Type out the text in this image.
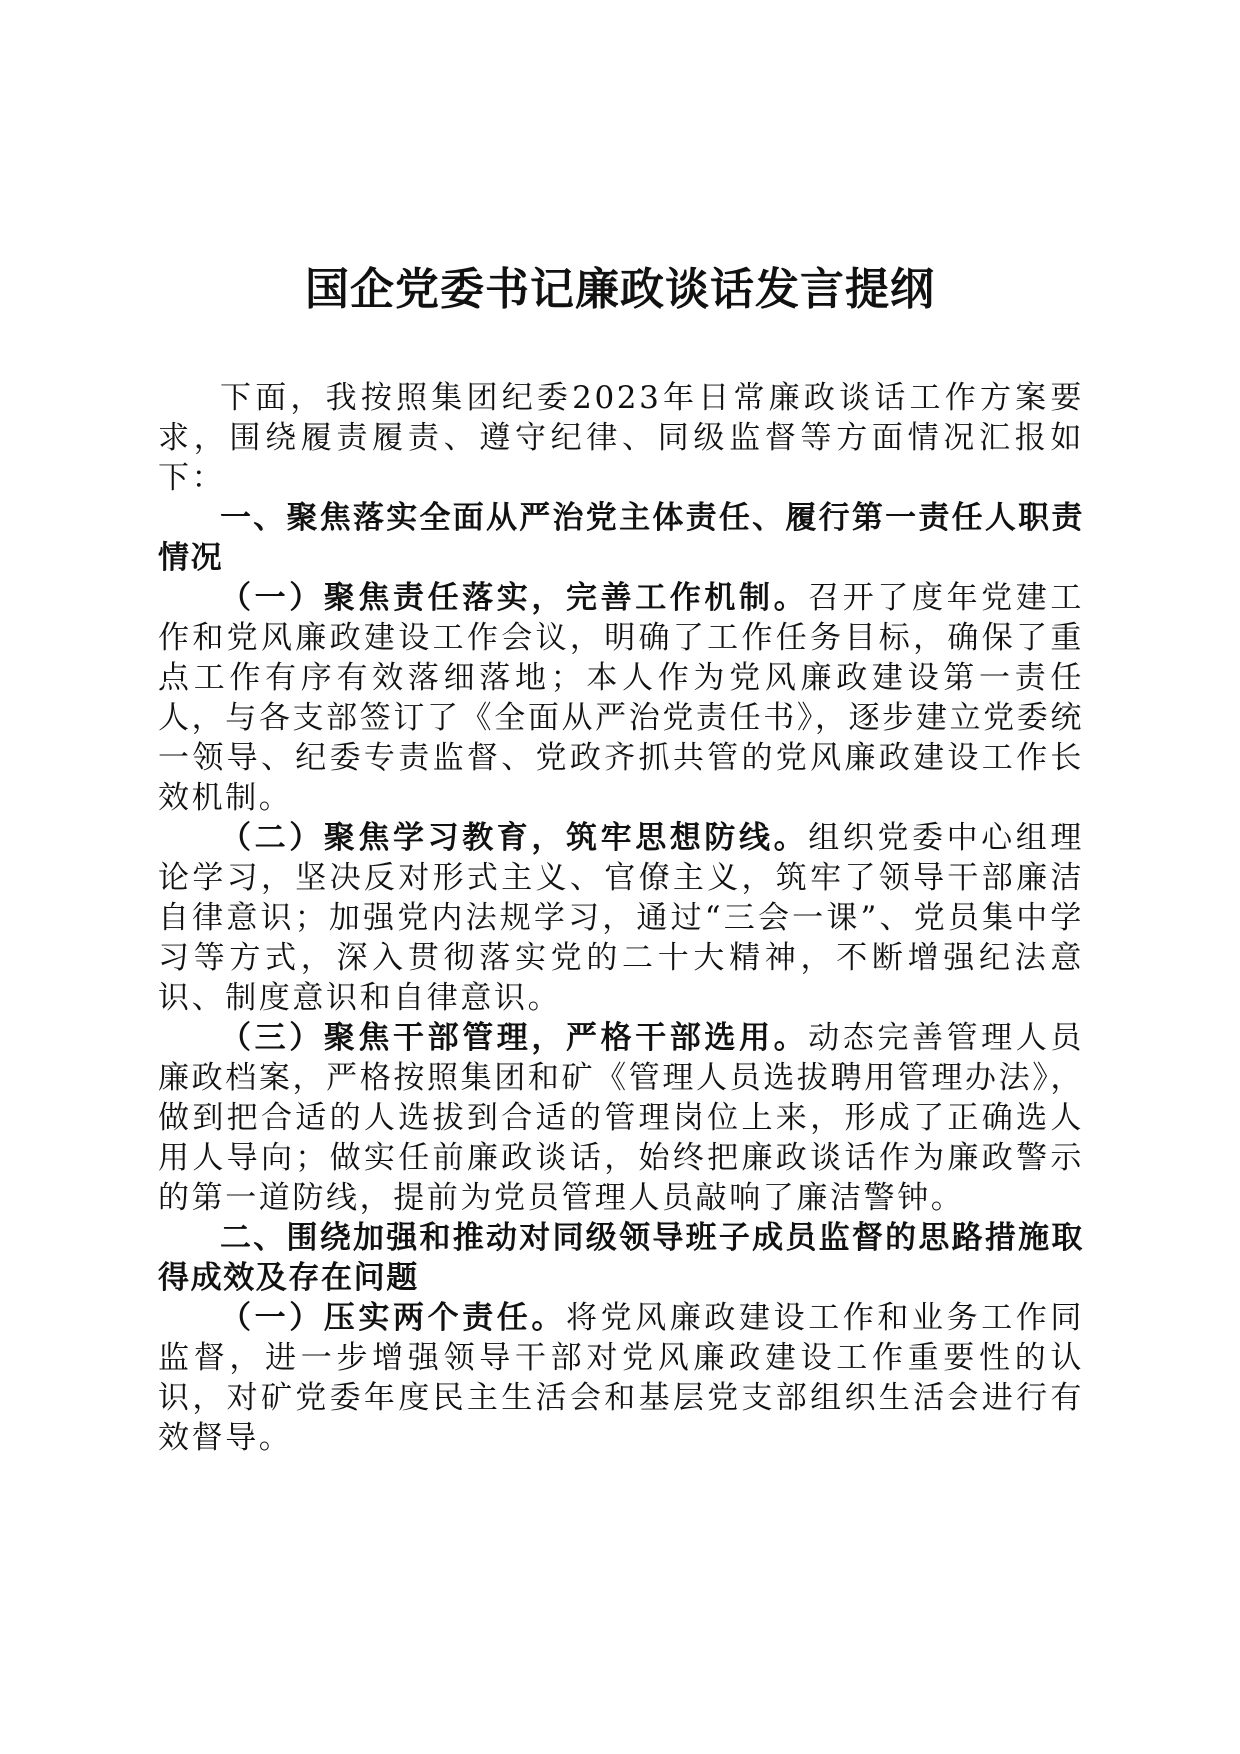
国企党委书记廉政谈话发言提纲

下面，我按照集团纪委2023年日常廉政谈话工作方案要求，围绕履责履责、遵守纪律、同级监督等方面情况汇报如下：

一、聚焦落实全面从严治党主体责任、履行第一责任人职责情况

（一）聚焦责任落实，完善工作机制。召开了度年党建工作和党风廉政建设工作会议，明确了工作任务目标，确保了重点工作有序有效落细落地；本人作为党风廉政建设第一责任人，与各支部签订了《全面从严治党责任书》，逐步建立党委统一领导、纪委专责监督、党政齐抓共管的党风廉政建设工作长效机制。

（二）聚焦学习教育，筑牢思想防线。组织党委中心组理论学习，坚决反对形式主义、官僚主义，筑牢了领导干部廉洁自律意识；加强党内法规学习，通过“三会一课”、党员集中学习等方式，深入贯彻落实党的二十大精神，不断增强纪法意识、制度意识和自律意识。

（三）聚焦干部管理，严格干部选用。动态完善管理人员廉政档案，严格按照集团和矿《管理人员选拔聘用管理办法》，做到把合适的人选拔到合适的管理岗位上来，形成了正确选人用人导向；做实任前廉政谈话，始终把廉政谈话作为廉政警示的第一道防线，提前为党员管理人员敲响了廉洁警钟。

二、围绕加强和推动对同级领导班子成员监督的思路措施取得成效及存在问题

（一）压实两个责任。将党风廉政建设工作和业务工作同监督，进一步增强领导干部对党风廉政建设工作重要性的认识，对矿党委年度民主生活会和基层党支部组织生活会进行有效督导。
